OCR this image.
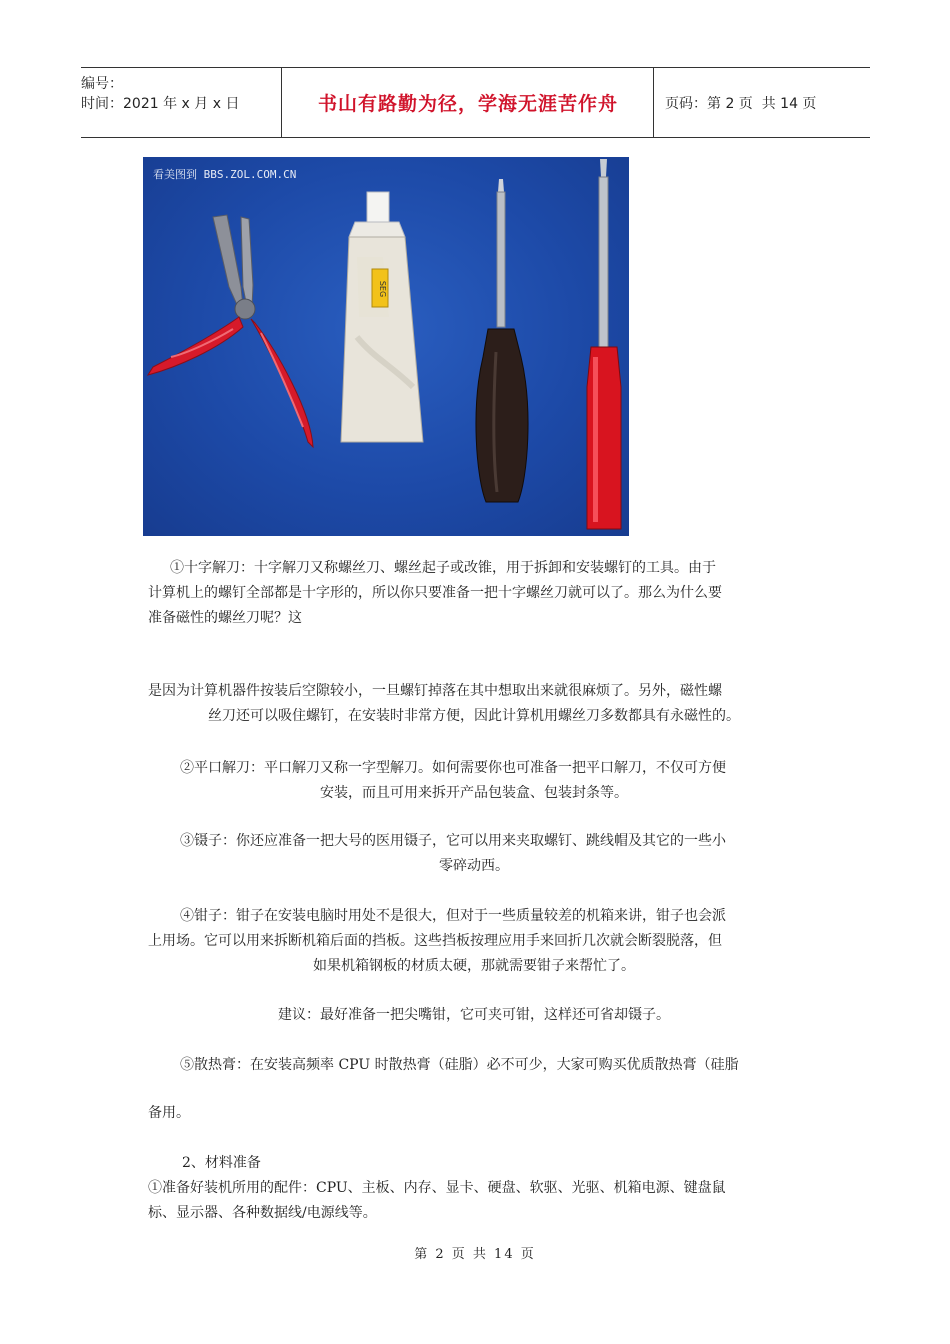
编号：
时间：2021 年 x 月 x 日	书山有路勤为径，学海无涯苦作舟	页码：第 2 页  共 14 页
SEG
看美图到 BBS.ZOL.COM.CN
①十字解刀：十字解刀又称螺丝刀、螺丝起子或改锥，用于拆卸和安装螺钉的工具。由于
计算机上的螺钉全部都是十字形的，所以你只要准备一把十字螺丝刀就可以了。那么为什么要
准备磁性的螺丝刀呢？这
是因为计算机器件按装后空隙较小，一旦螺钉掉落在其中想取出来就很麻烦了。另外，磁性螺
丝刀还可以吸住螺钉，在安装时非常方便，因此计算机用螺丝刀多数都具有永磁性的。
②平口解刀：平口解刀又称一字型解刀。如何需要你也可准备一把平口解刀，不仅可方便
安装，而且可用来拆开产品包装盒、包装封条等。
③镊子：你还应准备一把大号的医用镊子，它可以用来夹取螺钉、跳线帽及其它的一些小
零碎动西。
④钳子：钳子在安装电脑时用处不是很大，但对于一些质量较差的机箱来讲，钳子也会派
上用场。它可以用来拆断机箱后面的挡板。这些挡板按理应用手来回折几次就会断裂脱落，但
如果机箱钢板的材质太硬，那就需要钳子来帮忙了。
建议：最好准备一把尖嘴钳，它可夹可钳，这样还可省却镊子。
⑤散热膏：在安装高频率 CPU 时散热膏（硅脂）必不可少，大家可购买优质散热膏（硅脂
备用。
2、材料准备
①准备好装机所用的配件：CPU、主板、内存、显卡、硬盘、软驱、光驱、机箱电源、键盘鼠
标、显示器、各种数据线/电源线等。
第 2 页 共 14 页
